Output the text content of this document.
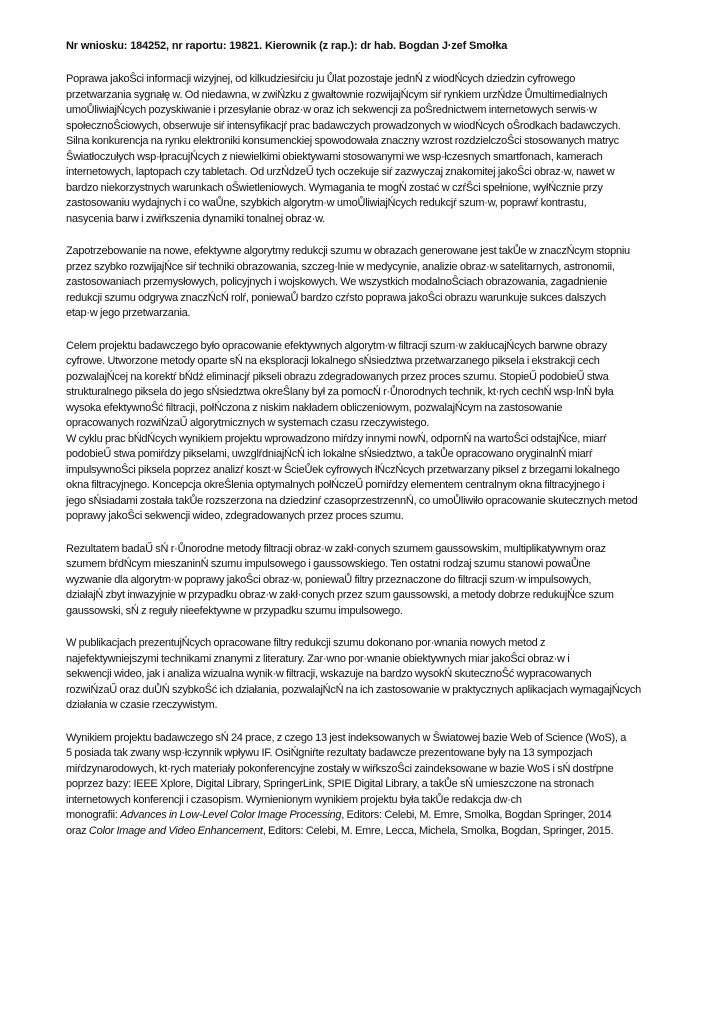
Nr wniosku: 184252, nr raportu: 19821. Kierownik (z rap.): dr hab. Bogdan J·zef Smołka
Poprawa jakoŜci informacji wizyjnej, od kilkudziesiŕciu ju Ůlat pozostaje jednŃ z wiodŃcych dziedzin cyfrowego
przetwarzania sygnałę w. Od niedawna, w zwiŃzku z gwałtownie rozwijajŃcym siŕ rynkiem urzŃdze Ůmultimedialnych
umoŮliwiajŃcych pozyskiwanie i przesyłanie obraz·w oraz ich sekwencji za poŜrednictwem internetowych serwis·w
społecznoŜciowych, obserwuje siŕ intensyfikacjŕ prac badawczych prowadzonych w wiodŃcych oŜrodkach badawczych.
Silna konkurencja na rynku elektroniki konsumenckiej spowodowała znaczny wzrost rozdzielczoŜci stosowanych matryc
Ŝwiatłoczułych wsp·łpracujŃcych z niewielkimi obiektywami stosowanymi we wsp·łczesnych smartfonach, kamerach
internetowych, laptopach czy tabletach. Od urzŃdzeŰ tych oczekuje siŕ zazwyczaj znakomitej jakoŜci obraz·w, nawet w
bardzo niekorzystnych warunkach oŜwietleniowych. Wymagania te mogŃ zostać w czŕŜci spełnione, wyłŃcznie przy
zastosowaniu wydajnych i co waŮne, szybkich algorytm·w umoŮliwiajŃcych redukcjŕ szum·w, poprawŕ kontrastu,
nasycenia barw i zwiŕkszenia dynamiki tonalnej obraz·w.
Zapotrzebowanie na nowe, efektywne algorytmy redukcji szumu w obrazach generowane jest takŮe w znaczŃcym stopniu
przez szybko rozwijajŃce siŕ techniki obrazowania, szczeg·lnie w medycynie, analizie obraz·w satelitarnych, astronomii,
zastosowaniach przemysłowych, policyjnych i wojskowych. We wszystkich modalnoŜciach obrazowania, zagadnienie
redukcji szumu odgrywa znaczŃcŃ rolŕ, poniewaŮ bardzo czŕsto poprawa jakoŜci obrazu warunkuje sukces dalszych
etap·w jego przetwarzania.
Celem projektu badawczego było opracowanie efektywnych algorytm·w filtracji szum·w zakłucajŃcych barwne obrazy
cyfrowe. Utworzone metody oparte sŃ na eksploracji lokalnego sŃsiedztwa przetwarzanego piksela i ekstrakcji cech
pozwalajŃcej na korektŕ bŃdź eliminacjŕ pikseli obrazu zdegradowanych przez proces szumu. StopieŰ podobieŰ stwa
strukturalnego piksela do jego sŃsiedztwa okreŜlany był za pomocŃ r·Ůnorodnych technik, kt·rych cechŃ wsp·lnŃ była
wysoka efektywnoŜć filtracji, połŃczona z niskim nakładem obliczeniowym, pozwalajŃcym na zastosowanie
opracowanych rozwiŃzaŰ algorytmicznych w systemach czasu rzeczywistego.
W cyklu prac bŃdŃcych wynikiem projektu wprowadzono miŕdzy innymi nowŃ, odpornŃ na wartoŜci odstajŃce, miarŕ
podobieŰ stwa pomiŕdzy pikselami, uwzglŕdniajŃcŃ ich lokalne sŃsiedztwo, a takŮe opracowano oryginalnŃ miarŕ
impulsywnoŜci piksela poprzez analizŕ koszt·w ŜcieŮek cyfrowych łŃczŃcych przetwarzany piksel z brzegami lokalnego
okna filtracyjnego. Koncepcja okreŜlenia optymalnych połŃczeŰ pomiŕdzy elementem centralnym okna filtracyjnego i
jego sŃsiadami została takŮe rozszerzona na dziedzinŕ czasoprzestrzennŃ, co umoŮliwiło opracowanie skutecznych metod
poprawy jakoŜci sekwencji wideo, zdegradowanych przez proces szumu.
Rezultatem badaŰ sŃ r·Ůnorodne metody filtracji obraz·w zakł·conych szumem gaussowskim, multiplikatywnym oraz
szumem bŕdŃcym mieszaninŃ szumu impulsowego i gaussowskiego. Ten ostatni rodzaj szumu stanowi powaŮne
wyzwanie dla algorytm·w poprawy jakoŜci obraz·w, poniewaŮ filtry przeznaczone do filtracji szum·w impulsowych,
działajŃ zbyt inwazyjnie w przypadku obraz·w zakł·conych przez szum gaussowski, a metody dobrze redukujŃce szum
gaussowski, sŃ z reguły nieefektywne w przypadku szumu impulsowego.
W publikacjach prezentujŃcych opracowane filtry redukcji szumu dokonano por·wnania nowych metod z
najefektywniejszymi technikami znanymi z literatury. Zar·wno por·wnanie obiektywnych miar jakoŜci obraz·w i
sekwencji wideo, jak i analiza wizualna wynik·w filtracji, wskazuje na bardzo wysokŃ skutecznoŜć wypracowanych
rozwiŃzaŰ oraz duŮŃ szybkoŜć ich działania, pozwalajŃcŃ na ich zastosowanie w praktycznych aplikacjach wymagajŃcych
działania w czasie rzeczywistym.
Wynikiem projektu badawczego sŃ 24 prace, z czego 13 jest indeksowanych w Ŝwiatowej bazie Web of Science (WoS), a
5 posiada tak zwany wsp·łczynnik wpływu IF. OsiŃgniŕte rezultaty badawcze prezentowane były na 13 sympozjach
miŕdzynarodowych, kt·rych materiały pokonferencyjne zostały w wiŕkszoŜci zaindeksowane w bazie WoS i sŃ dostŕpne
poprzez bazy: IEEE Xplore, Digital Library, SpringerLink, SPIE Digital Library, a takŮe sŃ umieszczone na stronach
internetowych konferencji i czasopism. Wymienionym wynikiem projektu była takŮe redakcja dw·ch
monografii: Advances in Low-Level Color Image Processing, Editors: Celebi, M. Emre, Smolka, Bogdan Springer, 2014
oraz Color Image and Video Enhancement, Editors: Celebi, M. Emre, Lecca, Michela, Smolka, Bogdan, Springer, 2015.
